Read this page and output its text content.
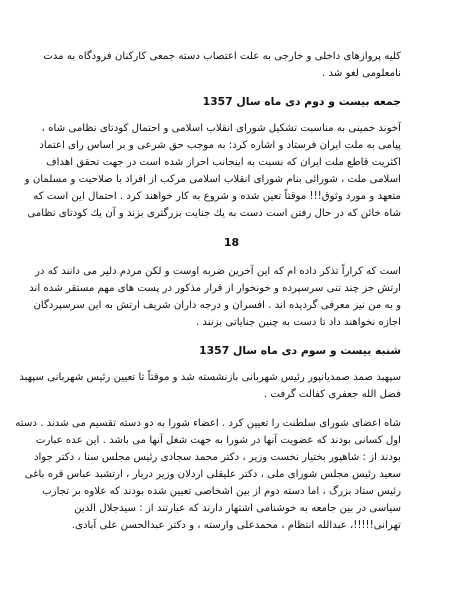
کلیه پروازهای داخلی و خارجی به علت اعتصاب دسته جمعی کارکنان فرودگاه به مدت
نامعلومی لغو شد .
جمعه بیست و دوم دی ماه سال 1357
آخوند خمینی به مناسبت تشکیل شورای انقلاب اسلامی و احتمال کودتای نظامی شاه ،
پیامی به ملت ایران فرستاد و اشاره کرد: به موجب حق شرعی و بر اساس رای اعتماد
اکثریت قاطع ملت ایران که نسبت به اینجانب احراز شده است در جهت تحقق اهداف
اسلامی ملت ، شورائی بنام شورای انقلاب اسلامی مرکب از افراد با صلاحیت و مسلمان و
متعهد و مورد وثوق!!! موقتاً تعین شده و شروع به کار خواهند کرد . احتمال این است که
شاه خائن که در حال رفتن است دست به یك جنایت بزرگتری بزند و آن یك کودتای نظامی
18
است که کراراً تذکر داده ام که این آخرین ضربه اوست و لکن مردم دلیر می دانند که در
ارتش جز چند تنی سرسپرده و خونخوار از قرار مذکور در پست های مهم مستقر شده اند
و به من نیز معرفی گردیده اند . افسران و درجه داران شریف ارتش به این سرسپردگان
اجازه نخواهند داد تا دست به چنین جنایاتی بزنند .
شنبه بیست و سوم دی ماه سال 1357
سپهبد صمد صمدیانپور رئیس شهربانی بازنشسته شد و موقتاً تا تعیین رئیس شهربانی سپهبد
فضل الله جعفری کفالت گرفت .
شاه اعضای شورای سلطنت را تعیین کرد . اعضاء شورا به دو دسته تقسیم می شدند . دسته
اول کسانی بودند که عضویت آنها در شورا به جهت شغل آنها می باشد . این عده عبارت
بودند از : شاهپور بختیار نخست وزیر ، دکتر محمد سجادی رئیس مجلس سنا ، دکتر جواد
سعید رئیس مجلس شورای ملی ، دکتر علیقلی اردلان وزیر دربار ، ارتشبد عباس قره باغی
رئیس ستاد بزرگ ، اما دسته دوم از بین اشخاصی تعیین شده بودند که علاوه بر تجارب
سیاسی در بین جامعه به خوشنامی اشتهار دارند که عبارتند از : سیدجلال الدین
تهرانی!!!!!، عبدالله انتظام ، محمدعلی وارسته ، و دکتر عبدالحسن علی آبادی.
